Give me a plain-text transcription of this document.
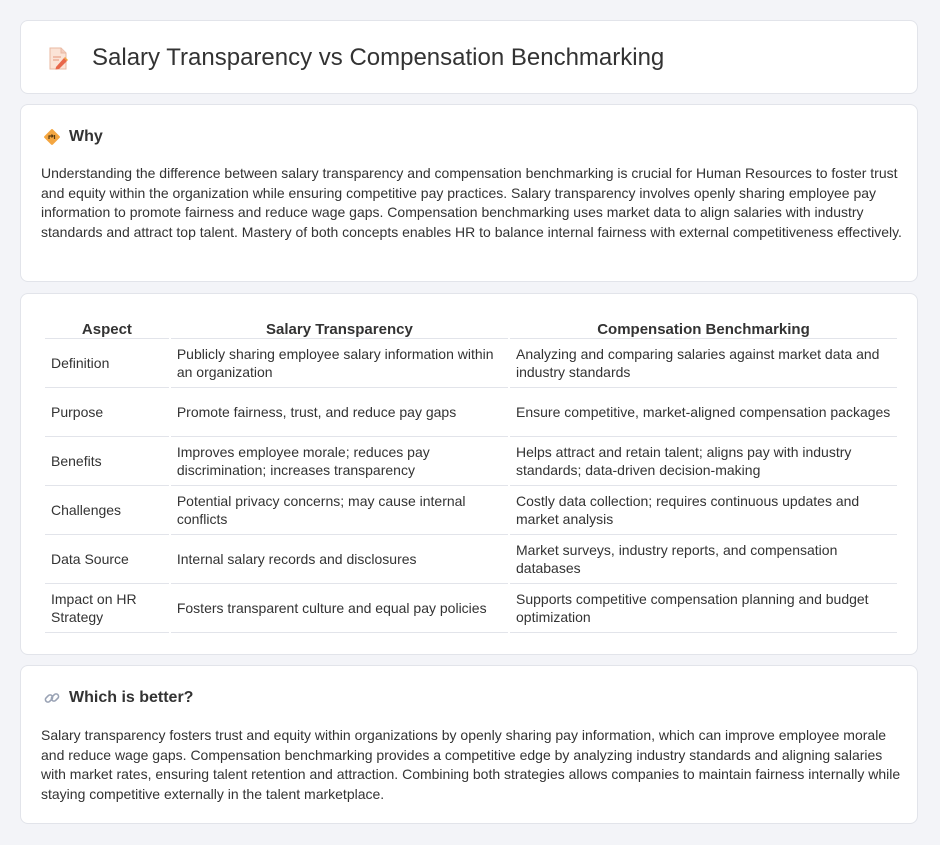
Salary Transparency vs Compensation Benchmarking
Why

Understanding the difference between salary transparency and compensation benchmarking is crucial for Human Resources to foster trust and equity within the organization while ensuring competitive pay practices. Salary transparency involves openly sharing employee pay information to promote fairness and reduce wage gaps. Compensation benchmarking uses market data to align salaries with industry standards and attract top talent. Mastery of both concepts enables HR to balance internal fairness with external competitiveness effectively.

Aspect	Salary Transparency	Compensation Benchmarking
Definition	Publicly sharing employee salary information within an organization	Analyzing and comparing salaries against market data and industry standards
Purpose	Promote fairness, trust, and reduce pay gaps	Ensure competitive, market-aligned compensation packages
Benefits	Improves employee morale; reduces pay discrimination; increases transparency	Helps attract and retain talent; aligns pay with industry standards; data-driven decision-making
Challenges	Potential privacy concerns; may cause internal conflicts	Costly data collection; requires continuous updates and market analysis
Data Source	Internal salary records and disclosures	Market surveys, industry reports, and compensation databases
Impact on HR Strategy	Fosters transparent culture and equal pay policies	Supports competitive compensation planning and budget optimization
Which is better?

Salary transparency fosters trust and equity within organizations by openly sharing pay information, which can improve employee morale and reduce wage gaps. Compensation benchmarking provides a competitive edge by analyzing industry standards and aligning salaries with market rates, ensuring talent retention and attraction. Combining both strategies allows companies to maintain fairness internally while staying competitive externally in the talent marketplace.
